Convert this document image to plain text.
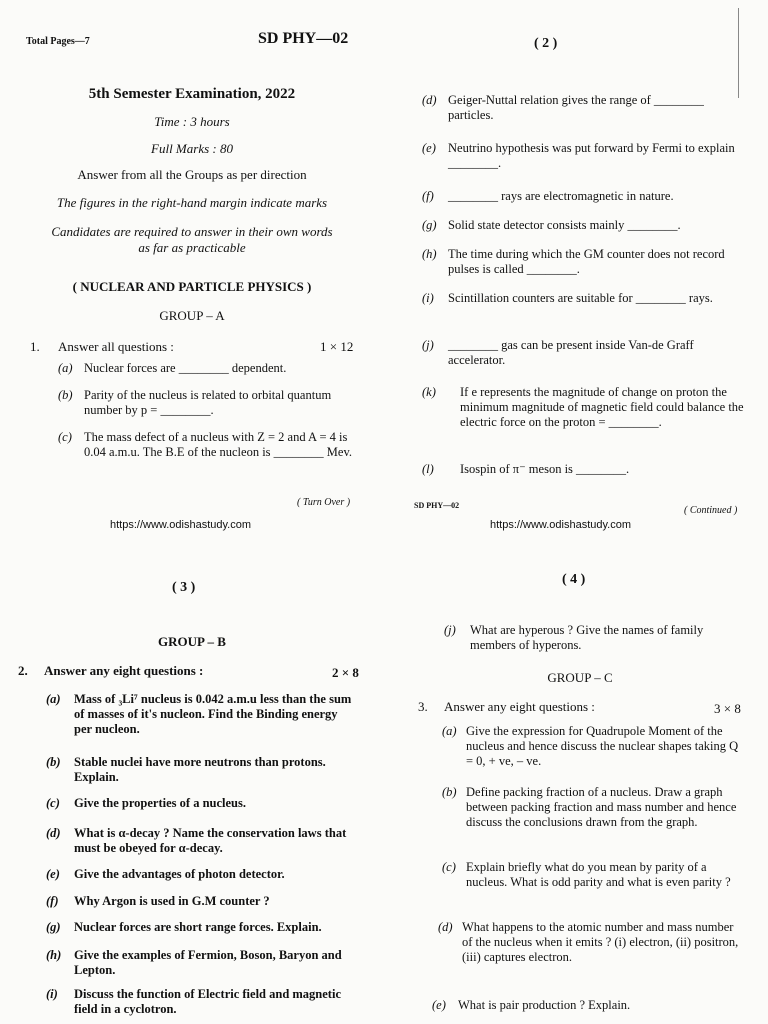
Total Pages—7	SD PHY—02
5th Semester Examination, 2022
Time : 3 hours
Full Marks : 80
Answer from all the Groups as per direction
The figures in the right-hand margin indicate marks
Candidates are required to answer in their own words
as far as practicable
( NUCLEAR AND PARTICLE PHYSICS )
GROUP – A
1. Answer all questions :	1 × 12
(a) Nuclear forces are ________ dependent.
(b) Parity of the nucleus is related to orbital quantum number by p = ________.
(c) The mass defect of a nucleus with Z = 2 and A = 4 is 0.04 a.m.u. The B.E of the nucleon is ________ Mev.
( Turn Over )
https://www.odishastudy.com
( 2 )
(d) Geiger-Nuttal relation gives the range of ________ particles.
(e) Neutrino hypothesis was put forward by Fermi to explain ________.
(f) ________ rays are electromagnetic in nature.
(g) Solid state detector consists mainly ________.
(h) The time during which the GM counter does not record pulses is called ________.
(i) Scintillation counters are suitable for ________ rays.
(j) ________ gas can be present inside Van-de Graff accelerator.
(k) If e represents the magnitude of change on proton the minimum magnitude of magnetic field could balance the electric force on the proton = ________.
(l) Isospin of π⁻ meson is ________.
SD PHY—02	( Continued )
https://www.odishastudy.com
( 3 )
GROUP – B
2. Answer any eight questions :	2 × 8
(a) Mass of ₃Li⁷ nucleus is 0.042 a.m.u less than the sum of masses of it's nucleon. Find the Binding energy per nucleon.
(b) Stable nuclei have more neutrons than protons. Explain.
(c) Give the properties of a nucleus.
(d) What is α-decay ? Name the conservation laws that must be obeyed for α-decay.
(e) Give the advantages of photon detector.
(f) Why Argon is used in G.M counter ?
(g) Nuclear forces are short range forces. Explain.
(h) Give the examples of Fermion, Boson, Baryon and Lepton.
(i) Discuss the function of Electric field and magnetic field in a cyclotron.
( 4 )
(j) What are hyperous ? Give the names of family members of hyperons.
GROUP – C
3. Answer any eight questions :	3 × 8
(a) Give the expression for Quadrupole Moment of the nucleus and hence discuss the nuclear shapes taking Q = 0, + ve, – ve.
(b) Define packing fraction of a nucleus. Draw a graph between packing fraction and mass number and hence discuss the conclusions drawn from the graph.
(c) Explain briefly what do you mean by parity of a nucleus. What is odd parity and what is even parity ?
(d) What happens to the atomic number and mass number of the nucleus when it emits ? (i) electron, (ii) positron, (iii) captures electron.
(e) What is pair production ? Explain.
